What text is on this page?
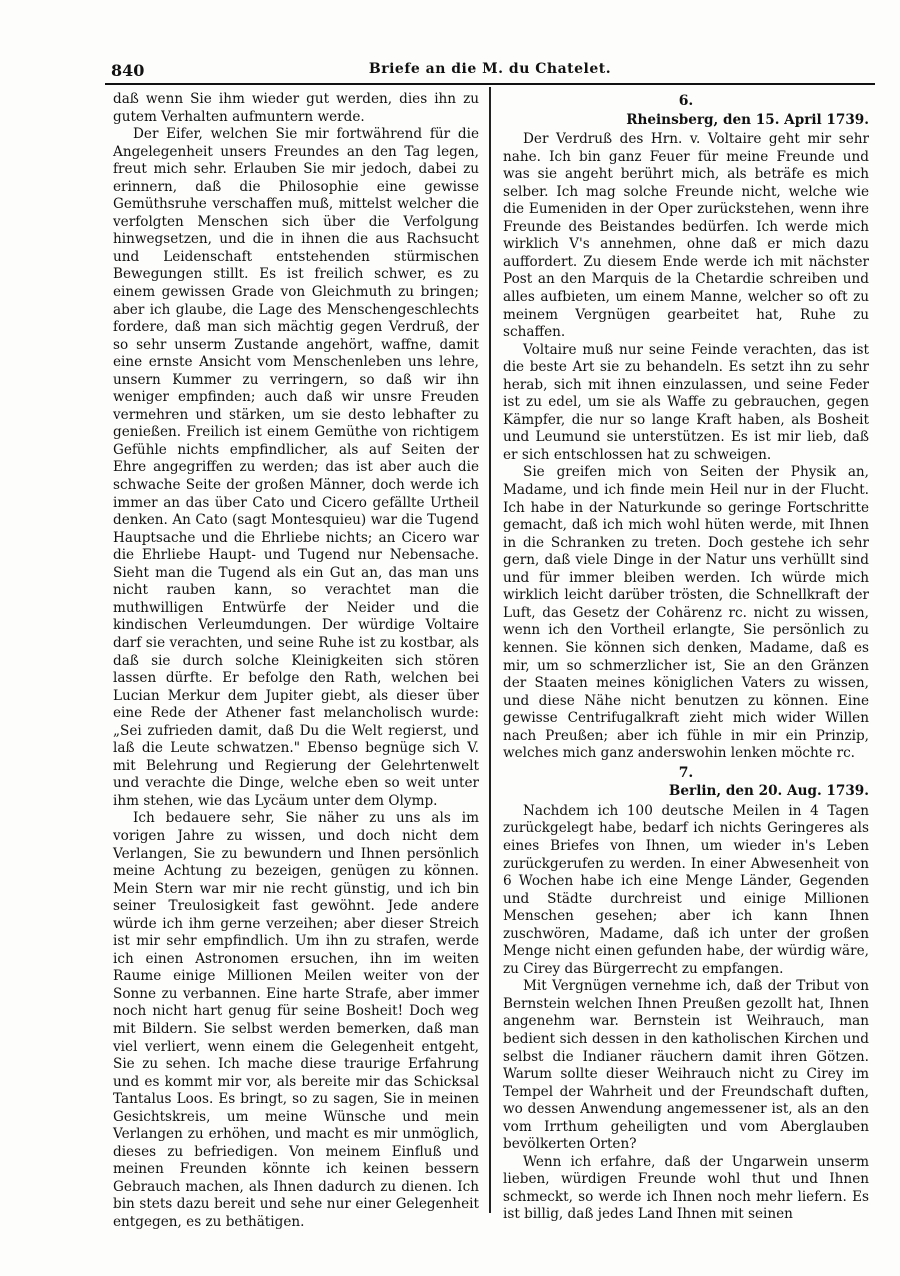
840	Briefe an die M. du Chatelet.

daß wenn Sie ihm wieder gut werden, dies ihn zu gutem Verhalten aufmuntern werde.

Der Eifer, welchen Sie mir fortwährend für die Angelegenheit unsers Freundes an den Tag legen, freut mich sehr. Erlauben Sie mir jedoch, dabei zu erinnern, daß die Philosophie eine gewisse Gemüthsruhe verschaffen muß, mittelst welcher die verfolgten Menschen sich über die Verfolgung hinwegsetzen, und die in ihnen die aus Rachsucht und Leidenschaft entstehenden stürmischen Bewegungen stillt. Es ist freilich schwer, es zu einem gewissen Grade von Gleichmuth zu bringen; aber ich glaube, die Lage des Menschengeschlechts fordere, daß man sich mächtig gegen Verdruß, der so sehr unserm Zustande angehört, waffne, damit eine ernste Ansicht vom Menschenleben uns lehre, unsern Kummer zu verringern, so daß wir ihn weniger empfinden; auch daß wir unsre Freuden vermehren und stärken, um sie desto lebhafter zu genießen. Freilich ist einem Gemüthe von richtigem Gefühle nichts empfindlicher, als auf Seiten der Ehre angegriffen zu werden; das ist aber auch die schwache Seite der großen Männer, doch werde ich immer an das über Cato und Cicero gefällte Urtheil denken. An Cato (sagt Montesquieu) war die Tugend Hauptsache und die Ehrliebe nichts; an Cicero war die Ehrliebe Haupt- und Tugend nur Nebensache. Sieht man die Tugend als ein Gut an, das man uns nicht rauben kann, so verachtet man die muthwilligen Entwürfe der Neider und die kindischen Verleumdungen. Der würdige Voltaire darf sie verachten, und seine Ruhe ist zu kostbar, als daß sie durch solche Kleinigkeiten sich stören lassen dürfte. Er befolge den Rath, welchen bei Lucian Merkur dem Jupiter giebt, als dieser über eine Rede der Athener fast melancholisch wurde: „Sei zufrieden damit, daß Du die Welt regierst, und laß die Leute schwatzen." Ebenso begnüge sich V. mit Belehrung und Regierung der Gelehrtenwelt und verachte die Dinge, welche eben so weit unter ihm stehen, wie das Lycäum unter dem Olymp.

Ich bedauere sehr, Sie näher zu uns als im vorigen Jahre zu wissen, und doch nicht dem Verlangen, Sie zu bewundern und Ihnen persönlich meine Achtung zu bezeigen, genügen zu können. Mein Stern war mir nie recht günstig, und ich bin seiner Treulosigkeit fast gewöhnt. Jede andere würde ich ihm gerne verzeihen; aber dieser Streich ist mir sehr empfindlich. Um ihn zu strafen, werde ich einen Astronomen ersuchen, ihn im weiten Raume einige Millionen Meilen weiter von der Sonne zu verbannen. Eine harte Strafe, aber immer noch nicht hart genug für seine Bosheit! Doch weg mit Bildern. Sie selbst werden bemerken, daß man viel verliert, wenn einem die Gelegenheit entgeht, Sie zu sehen. Ich mache diese traurige Erfahrung und es kommt mir vor, als bereite mir das Schicksal Tantalus Loos. Es bringt, so zu sagen, Sie in meinen Gesichtskreis, um meine Wünsche und mein Verlangen zu erhöhen, und macht es mir unmöglich, dieses zu befriedigen. Von meinem Einfluß und meinen Freunden könnte ich keinen bessern Gebrauch machen, als Ihnen dadurch zu dienen. Ich bin stets dazu bereit und sehe nur einer Gelegenheit entgegen, es zu bethätigen.

6.
Rheinsberg, den 15. April 1739.

Der Verdruß des Hrn. v. Voltaire geht mir sehr nahe. Ich bin ganz Feuer für meine Freunde und was sie angeht berührt mich, als beträfe es mich selber. Ich mag solche Freunde nicht, welche wie die Eumeniden in der Oper zurückstehen, wenn ihre Freunde des Beistandes bedürfen. Ich werde mich wirklich V's annehmen, ohne daß er mich dazu auffordert. Zu diesem Ende werde ich mit nächster Post an den Marquis de la Chetardie schreiben und alles aufbieten, um einem Manne, welcher so oft zu meinem Vergnügen gearbeitet hat, Ruhe zu schaffen.

Voltaire muß nur seine Feinde verachten, das ist die beste Art sie zu behandeln. Es setzt ihn zu sehr herab, sich mit ihnen einzulassen, und seine Feder ist zu edel, um sie als Waffe zu gebrauchen, gegen Kämpfer, die nur so lange Kraft haben, als Bosheit und Leumund sie unterstützen. Es ist mir lieb, daß er sich entschlossen hat zu schweigen.

Sie greifen mich von Seiten der Physik an, Madame, und ich finde mein Heil nur in der Flucht. Ich habe in der Naturkunde so geringe Fortschritte gemacht, daß ich mich wohl hüten werde, mit Ihnen in die Schranken zu treten. Doch gestehe ich sehr gern, daß viele Dinge in der Natur uns verhüllt sind und für immer bleiben werden. Ich würde mich wirklich leicht darüber trösten, die Schnellkraft der Luft, das Gesetz der Cohärenz rc. nicht zu wissen, wenn ich den Vortheil erlangte, Sie persönlich zu kennen. Sie können sich denken, Madame, daß es mir, um so schmerzlicher ist, Sie an den Gränzen der Staaten meines königlichen Vaters zu wissen, und diese Nähe nicht benutzen zu können. Eine gewisse Centrifugalkraft zieht mich wider Willen nach Preußen; aber ich fühle in mir ein Prinzip, welches mich ganz anderswohin lenken möchte rc.

7.
Berlin, den 20. Aug. 1739.

Nachdem ich 100 deutsche Meilen in 4 Tagen zurückgelegt habe, bedarf ich nichts Geringeres als eines Briefes von Ihnen, um wieder in's Leben zurückgerufen zu werden. In einer Abwesenheit von 6 Wochen habe ich eine Menge Länder, Gegenden und Städte durchreist und einige Millionen Menschen gesehen; aber ich kann Ihnen zuschwören, Madame, daß ich unter der großen Menge nicht einen gefunden habe, der würdig wäre, zu Cirey das Bürgerrecht zu empfangen.

Mit Vergnügen vernehme ich, daß der Tribut von Bernstein welchen Ihnen Preußen gezollt hat, Ihnen angenehm war. Bernstein ist Weihrauch, man bedient sich dessen in den katholischen Kirchen und selbst die Indianer räuchern damit ihren Götzen. Warum sollte dieser Weihrauch nicht zu Cirey im Tempel der Wahrheit und der Freundschaft duften, wo dessen Anwendung angemessener ist, als an den vom Irrthum geheiligten und vom Aberglauben bevölkerten Orten?

Wenn ich erfahre, daß der Ungarwein unserm lieben, würdigen Freunde wohl thut und Ihnen schmeckt, so werde ich Ihnen noch mehr liefern. Es ist billig, daß jedes Land Ihnen mit seinen
